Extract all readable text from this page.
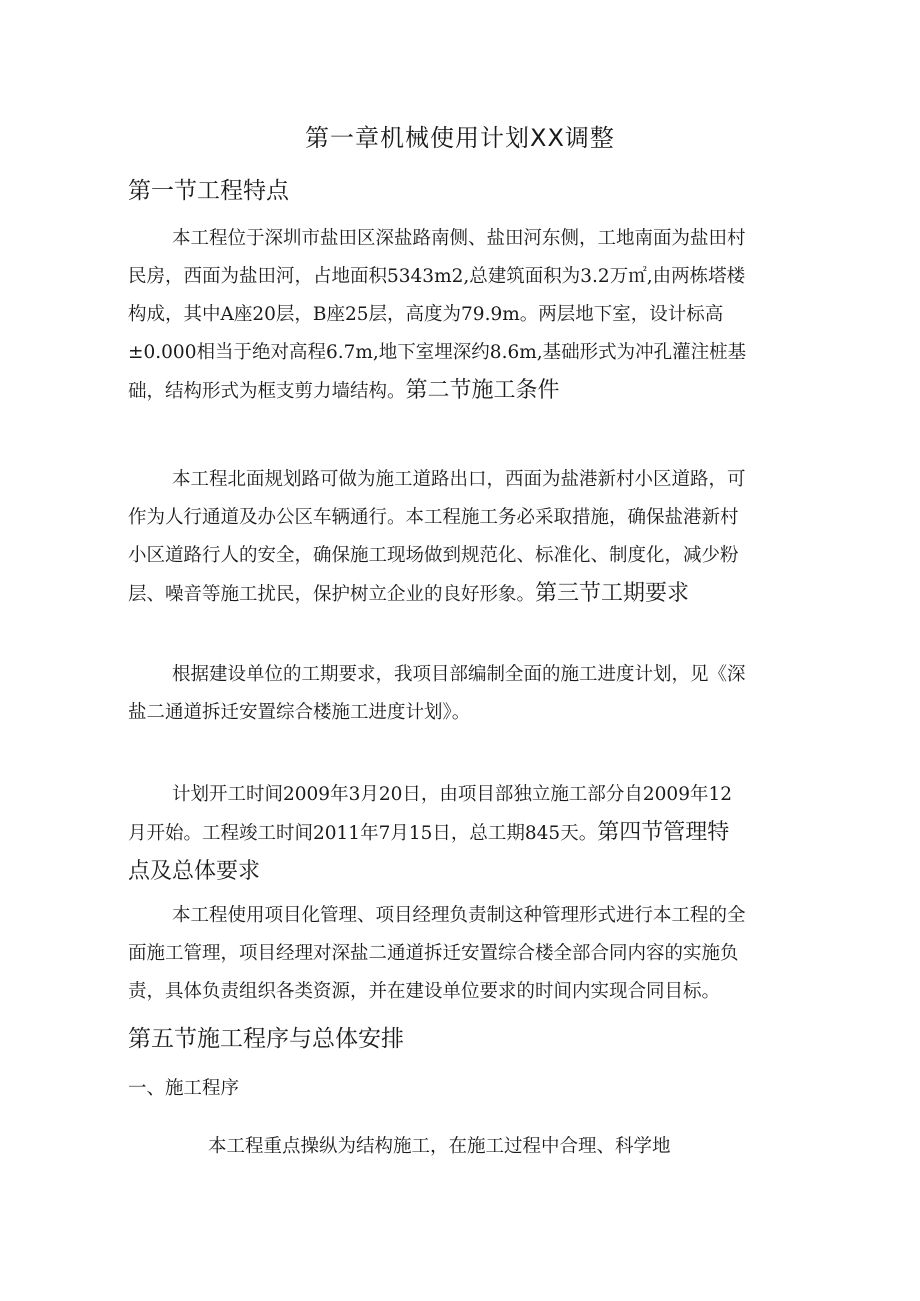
第一章机械使用计划XX调整
第一节工程特点
本工程位于深圳市盐田区深盐路南侧、盐田河东侧，工地南面为盐田村
民房，西面为盐田河，占地面积5343m2,总建筑面积为3.2万㎡,由两栋塔楼
构成，其中A座20层，B座25层，高度为79.9m。两层地下室，设计标高
±0.000相当于绝对高程6.7m,地下室埋深约8.6m,基础形式为冲孔灌注桩基
础，结构形式为框支剪力墙结构。第二节施工条件
本工程北面规划路可做为施工道路出口，西面为盐港新村小区道路，可
作为人行通道及办公区车辆通行。本工程施工务必采取措施，确保盐港新村
小区道路行人的安全，确保施工现场做到规范化、标准化、制度化，减少粉
层、噪音等施工扰民，保护树立企业的良好形象。第三节工期要求
根据建设单位的工期要求，我项目部编制全面的施工进度计划，见《深
盐二通道拆迁安置综合楼施工进度计划》。
计划开工时间2009年3月20日，由项目部独立施工部分自2009年12
月开始。工程竣工时间2011年7月15日，总工期845天。第四节管理特
点及总体要求
本工程使用项目化管理、项目经理负责制这种管理形式进行本工程的全
面施工管理，项目经理对深盐二通道拆迁安置综合楼全部合同内容的实施负
责，具体负责组织各类资源，并在建设单位要求的时间内实现合同目标。
第五节施工程序与总体安排
一、施工程序
本工程重点操纵为结构施工，在施工过程中合理、科学地
